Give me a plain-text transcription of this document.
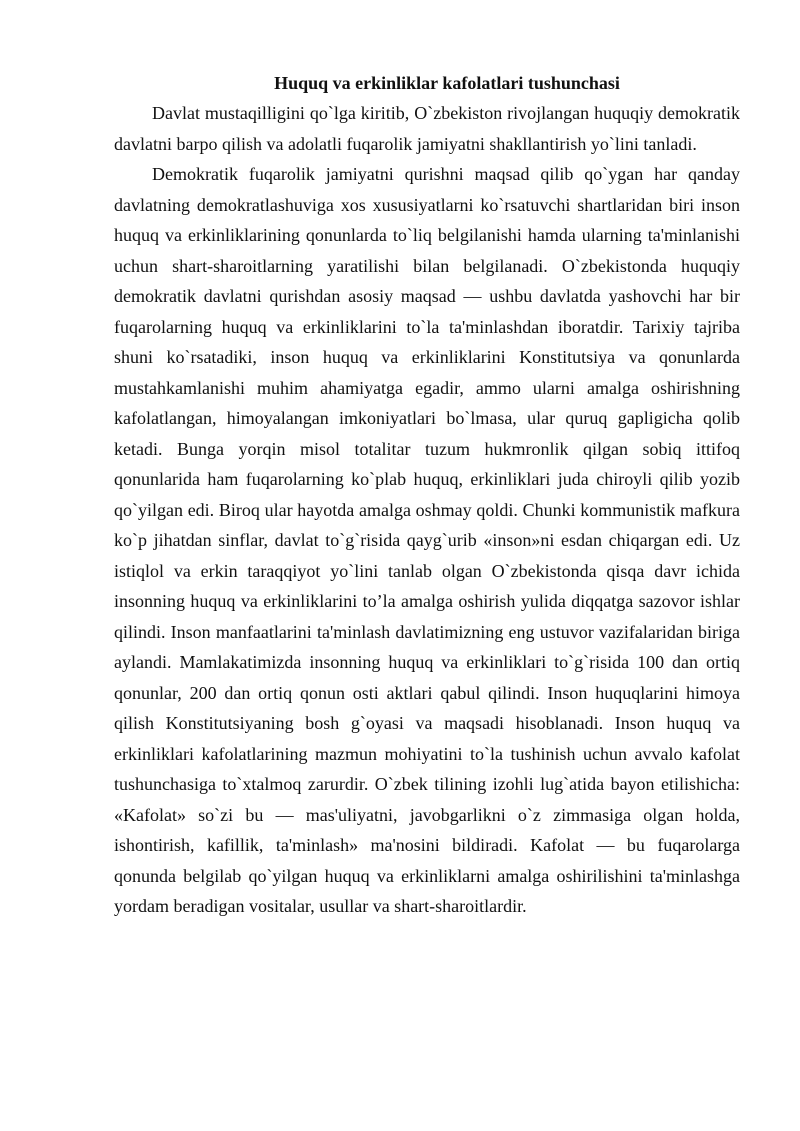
Huquq va erkinliklar kafolatlari tushunchasi

Davlat mustaqilligini qo`lga kiritib, O`zbekiston rivojlangan huquqiy demokratik davlatni barpo qilish va adolatli fuqarolik jamiyatni shakllantirish yo`lini tanladi.

Demokratik fuqarolik jamiyatni qurishni maqsad qilib qo`ygan har qanday davlatning demokratlashuviga xos xususiyatlarni ko`rsatuvchi shartlaridan biri inson huquq va erkinliklarining qonunlarda to`liq belgilanishi hamda ularning ta'minlanishi uchun shart-sharoitlarning yaratilishi bilan belgilanadi. O`zbekistonda huquqiy demokratik davlatni qurishdan asosiy maqsad — ushbu davlatda yashovchi har bir fuqarolarning huquq va erkinliklarini to`la ta'minlashdan iboratdir. Tarixiy tajriba shuni ko`rsatadiki, inson huquq va erkinliklarini Konstitutsiya va qonunlarda mustahkamlanishi muhim ahamiyatga egadir, ammo ularni amalga oshirishning kafolatlangan, himoyalangan imkoniyatlari bo`lmasa, ular quruq gapligicha qolib ketadi. Bunga yorqin misol totalitar tuzum hukmronlik qilgan sobiq ittifoq qonunlarida ham fuqarolarning ko`plab huquq, erkinliklari juda chiroyli qilib yozib qo`yilgan edi. Biroq ular hayotda amalga oshmay qoldi. Chunki kommunistik mafkura ko`p jihatdan sinflar, davlat to`g`risida qayg`urib «inson»ni esdan chiqargan edi. Uz istiqlol va erkin taraqqiyot yo`lini tanlab olgan O`zbekistonda qisqa davr ichida insonning huquq va erkinliklarini to’la amalga oshirish yulida diqqatga sazovor ishlar qilindi. Inson manfaatlarini ta'minlash davlatimizning eng ustuvor vazifalaridan biriga aylandi. Mamlakatimizda insonning huquq va erkinliklari to`g`risida 100 dan ortiq qonunlar, 200 dan ortiq qonun osti aktlari qabul qilindi. Inson huquqlarini himoya qilish Konstitutsiyaning bosh g`oyasi va maqsadi hisoblanadi. Inson huquq va erkinliklari kafolatlarining mazmun mohiyatini to`la tushinish uchun avvalo kafolat tushunchasiga to`xtalmoq zarurdir. O`zbek tilining izohli lug`atida bayon etilishicha: «Kafolat» so`zi bu — mas'uliyatni, javobgarlikni o`z zimmasiga olgan holda, ishontirish, kafillik, ta'minlash» ma'nosini bildiradi. Kafolat — bu fuqarolarga qonunda belgilab qo`yilgan huquq va erkinliklarni amalga oshirilishini ta'minlashga yordam beradigan vositalar, usullar va shart-sharoitlardir.
